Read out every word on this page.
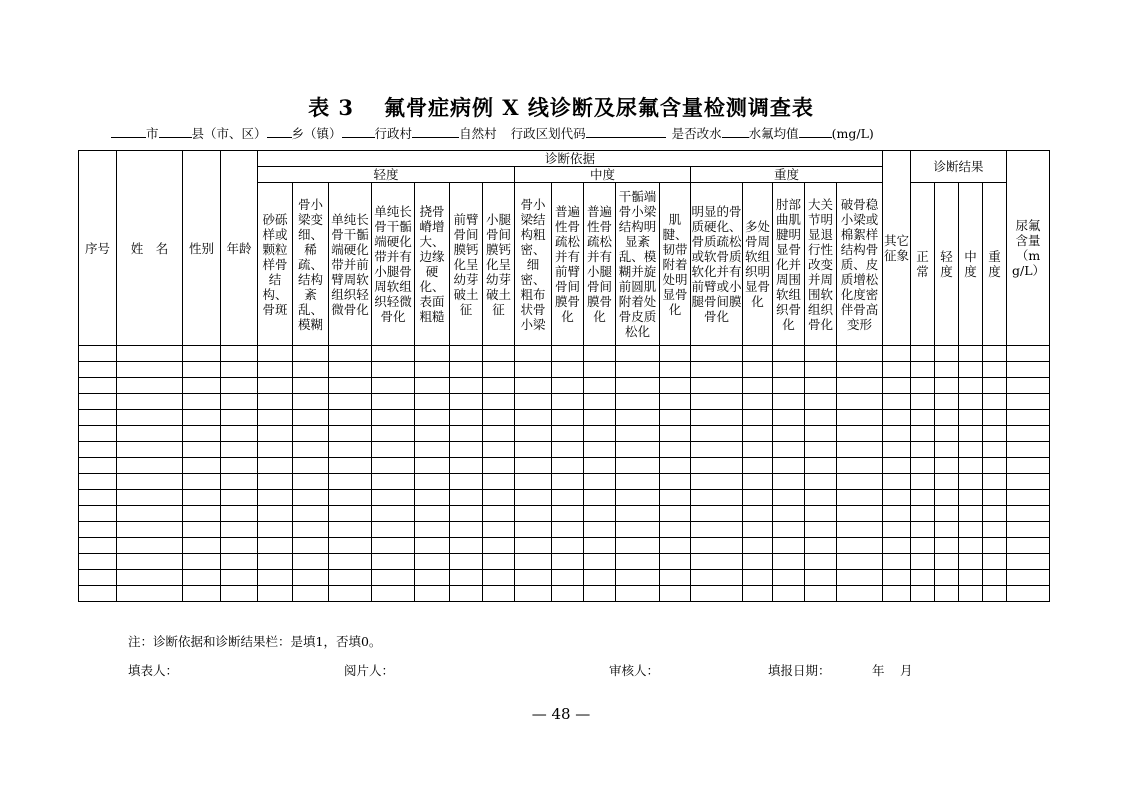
表 3 氟骨症病例 X 线诊断及尿氟含量检测调查表
市	县（市、区） 乡（镇）	行政村	自然村 行政区划代码	是否改水 水氟均值	(mg/L)
序号	姓　名	性别	年龄	诊断依据																	其它征象	诊断结果				尿氟含量（mg/L）
				轻度							中度					重度										
				砂砾样或颗粒样骨结构、骨斑	骨小梁变细、稀疏、结构紊乱、模糊	单纯长骨干骺端硬化带并前臂周软组织轻微骨化	单纯长骨干骺端硬化带并有小腿骨周软组织轻微骨化	挠骨嵴增大、边缘硬化、表面粗糙	前臂骨间膜钙化呈幼芽破土征	小腿骨间膜钙化呈幼芽破土征	骨小梁结构粗密、细密、粗布状骨小梁	普遍性骨疏松并有前臂骨间膜骨化	普遍性骨疏松并有小腿骨间膜骨化	干骺端骨小梁结构明显紊乱、模糊并旋前圆肌附着处骨皮质松化	肌腱、韧带附着处明显骨化	明显的骨质硬化、骨质疏松或软骨质软化并有前臂或小腿骨间膜骨化	多处骨周软组织明显骨化	肘部曲肌腱明显骨化并周围软组织骨化	大关节明显退行性改变并周围软组织骨化	破骨稳小梁或棉絮样结构骨质、皮质增松化度密伴骨高变形		正常	轻度	中度	重度	

注：诊断依据和诊断结果栏：是填1，否填0。
填表人：	阅片人：	审核人：	填报日期：	年 月
— 48 —
